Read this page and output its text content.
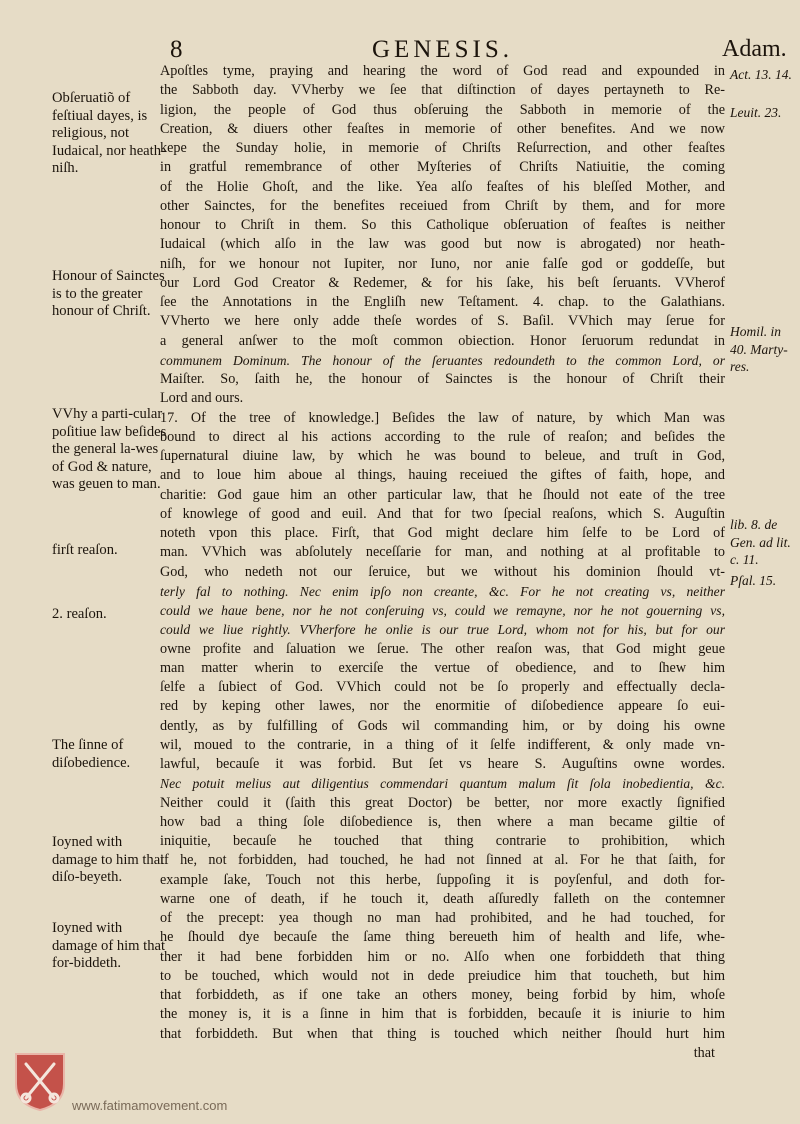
8	GENESIS.	Adam.
Apoſtles tyme, praying and hearing the word of God read and expounded in
the Sabboth day. VVherby we ſee that diſtinction of dayes pertayneth to Re-
ligion, the people of God thus obſeruing the Sabboth in memorie of the
Creation, & diuers other feaſtes in memorie of other benefites. And we now
kepe the Sunday holie, in memorie of Chriſts Reſurrection, and other feaſtes
in gratful remembrance of other Myſteries of Chriſts Natiuitie, the coming
of the Holie Ghoſt, and the like. Yea alſo feaſtes of his bleſſed Mother, and
other Sainctes, for the benefites receiued from Chriſt by them, and for more
honour to Chriſt in them. So this Catholique obſeruation of feaſtes is neither
Iudaical (which alſo in the law was good but now is abrogated) nor heath-
niſh, for we honour not Iupiter, nor Iuno, nor anie falſe god or goddeſſe, but
our Lord God Creator & Redemer, & for his ſake, his beſt ſeruants. VVherof
ſee the Annotations in the Engliſh new Teſtament. 4. chap. to the Galathians.
VVherto we here only adde theſe wordes of S. Baſil. VVhich may ſerue for
a general anſwer to the moſt common obiection. Honor ſeruorum redundat in
communem Dominum. The honour of the ſeruantes redoundeth to the common Lord, or
Maiſter. So, ſaith he, the honour of Sainctes is the honour of Chriſt their
Lord and ours.
17. Of the tree of knowledge.] Beſides the law of nature, by which Man was
bound to direct al his actions according to the rule of reaſon; and beſides the
ſupernatural diuine law, by which he was bound to beleue, and truſt in God,
and to loue him aboue al things, hauing receiued the giftes of faith, hope, and
charitie: God gaue him an other particular law, that he ſhould not eate of the tree
of knowlege of good and euil. And that for two ſpecial reaſons, which S. Auguſtin
noteth vpon this place. Firſt, that God might declare him ſelfe to be Lord of
man. VVhich was abſolutely neceſſarie for man, and nothing at al profitable to
God, who nedeth not our ſeruice, but we without his dominion ſhould vt-
terly fal to nothing. Nec enim ipſo non creante, &c. For he not creating vs, neither
could we haue bene, nor he not conſeruing vs, could we remayne, nor he not gouerning vs,
could we liue rightly. VVherfore he onlie is our true Lord, whom not for his, but for our
owne profite and ſaluation we ſerue. The other reaſon was, that God might geue
man matter wherin to exerciſe the vertue of obedience, and to ſhew him
ſelfe a ſubiect of God. VVhich could not be ſo properly and effectually decla-
red by keping other lawes, nor the enormitie of diſobedience appeare ſo eui-
dently, as by fulfilling of Gods wil commanding him, or by doing his owne
wil, moued to the contrarie, in a thing of it ſelfe indifferent, & only made vn-
lawful, becauſe it was forbid. But ſet vs heare S. Auguſtins owne wordes.
Nec potuit melius aut diligentius commendari quantum malum ſit ſola inobedientia, &c.
Neither could it (ſaith this great Doctor) be better, nor more exactly ſignified »
how bad a thing ſole diſobedience is, then where a man became giltie of »
iniquitie, becauſe he touched that thing contrarie to prohibition, which »
if he, not forbidden, had touched, he had not ſinned at al. For he that ſaith, for »
example ſake, Touch not this herbe, ſuppoſing it is poyſenful, and doth for- »
warne one of death, if he touch it, death aſſuredly falleth on the contemner »
of the precept: yea though no man had prohibited, and he had touched, for »
he ſhould dye becauſe the ſame thing bereueth him of health and life, whe- »
ther it had bene forbidden him or no. Alſo when one forbiddeth that thing »
to be touched, which would not in dede preiudice him that toucheth, but him »
that forbiddeth, as if one take an others money, being forbid by him, whoſe »
the money is, it is a ſinne in him that is forbidden, becauſe it is iniurie to him »
that forbiddeth. But when that thing is touched which neither ſhould hurt him »
that
Obſeruatiõ of feſtiual dayes, is religious, not Iudaical, nor heath-niſh.
Honour of Sainctes is to the greater honour of Chriſt.
VVhy a parti-cular poſitiue law beſides the general la-wes of God & nature, was geuen to man.
firſt reaſon.
2. reaſon.
The ſinne of diſobedience.
Ioyned with damage to him that diſo-beyeth.
Ioyned with damage of him that for-biddeth.
Act. 13. 14.
Leuit. 23.
Homil. in 40. Marty-res.
lib. 8. de Gen. ad lit. c. 11.
Pſal. 15.
www.fatimamovement.com
